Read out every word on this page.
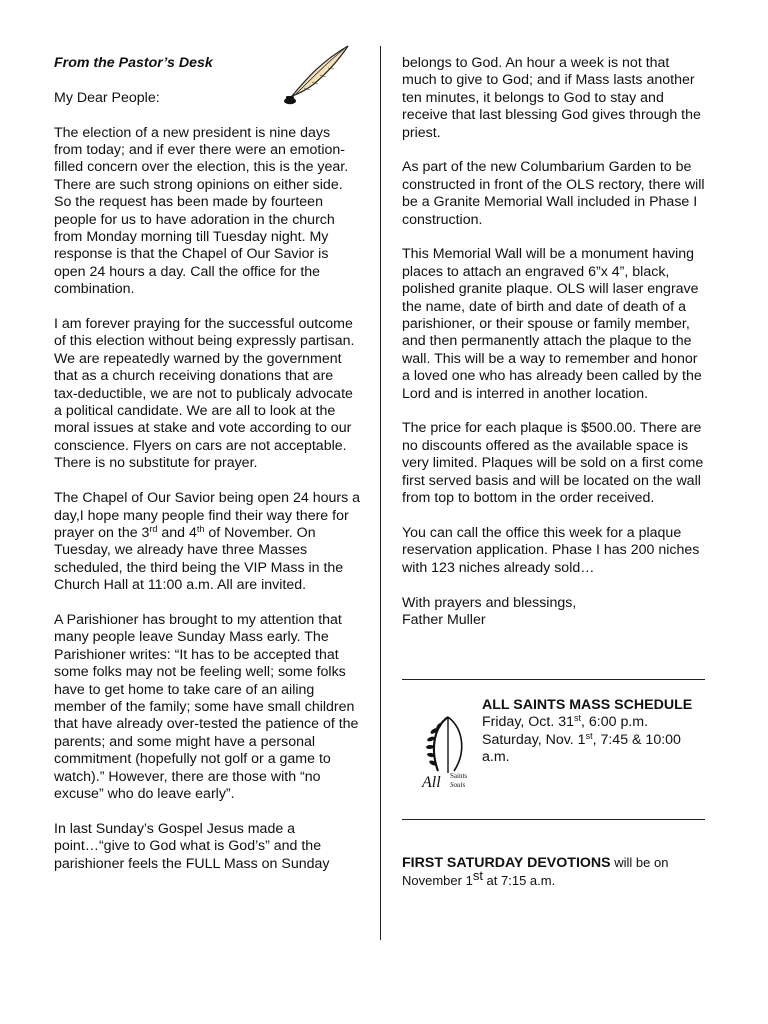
From the Pastor’s Desk

My Dear People:

The election of a new president is nine days from today; and if ever there were an emotion-filled concern over the election, this is the year. There are such strong opinions on either side. So the request has been made by fourteen people for us to have adoration in the church from Monday morning till Tuesday night. My response is that the Chapel of Our Savior is open 24 hours a day. Call the office for the combination.

I am forever praying for the successful outcome of this election without being expressly partisan. We are repeatedly warned by the government that as a church receiving donations that are tax-deductible, we are not to publicaly advocate a political candidate. We are all to look at the moral issues at stake and vote according to our conscience. Flyers on cars are not acceptable. There is no substitute for prayer.

The Chapel of Our Savior being open 24 hours a day,I hope many people find their way there for prayer on the 3rd and 4th of November. On Tuesday, we already have three Masses scheduled, the third being the VIP Mass in the Church Hall at 11:00 a.m. All are invited.

A Parishioner has brought to my attention that many people leave Sunday Mass early. The Parishioner writes: “It has to be accepted that some folks may not be feeling well; some folks have to get home to take care of an ailing member of the family; some have small children that have already over-tested the patience of the parents; and some might have a personal commitment (hopefully not golf or a game to watch).” However, there are those with “no excuse” who do leave early”.

In last Sunday’s Gospel Jesus made a point…“give to God what is God’s” and the parishioner feels the FULL Mass on Sunday

belongs to God. An hour a week is not that much to give to God; and if Mass lasts another ten minutes, it belongs to God to stay and receive that last blessing God gives through the priest.

As part of the new Columbarium Garden to be constructed in front of the OLS rectory, there will be a Granite Memorial Wall included in Phase I construction.

This Memorial Wall will be a monument having places to attach an engraved 6”x 4”, black, polished granite plaque. OLS will laser engrave the name, date of birth and date of death of a parishioner, or their spouse or family member, and then permanently attach the plaque to the wall. This will be a way to remember and honor a loved one who has already been called by the Lord and is interred in another location.

The price for each plaque is $500.00. There are no discounts offered as the available space is very limited. Plaques will be sold on a first come first served basis and will be located on the wall from top to bottom in the order received.

You can call the office this week for a plaque reservation application. Phase I has 200 niches with 123 niches already sold…

With prayers and blessings,
Father Muller
All Saints
Souls
ALL SAINTS MASS SCHEDULE
Friday, Oct. 31st, 6:00 p.m.
Saturday, Nov. 1st, 7:45 & 10:00 a.m.
FIRST SATURDAY DEVOTIONS will be on November 1st at 7:15 a.m.
